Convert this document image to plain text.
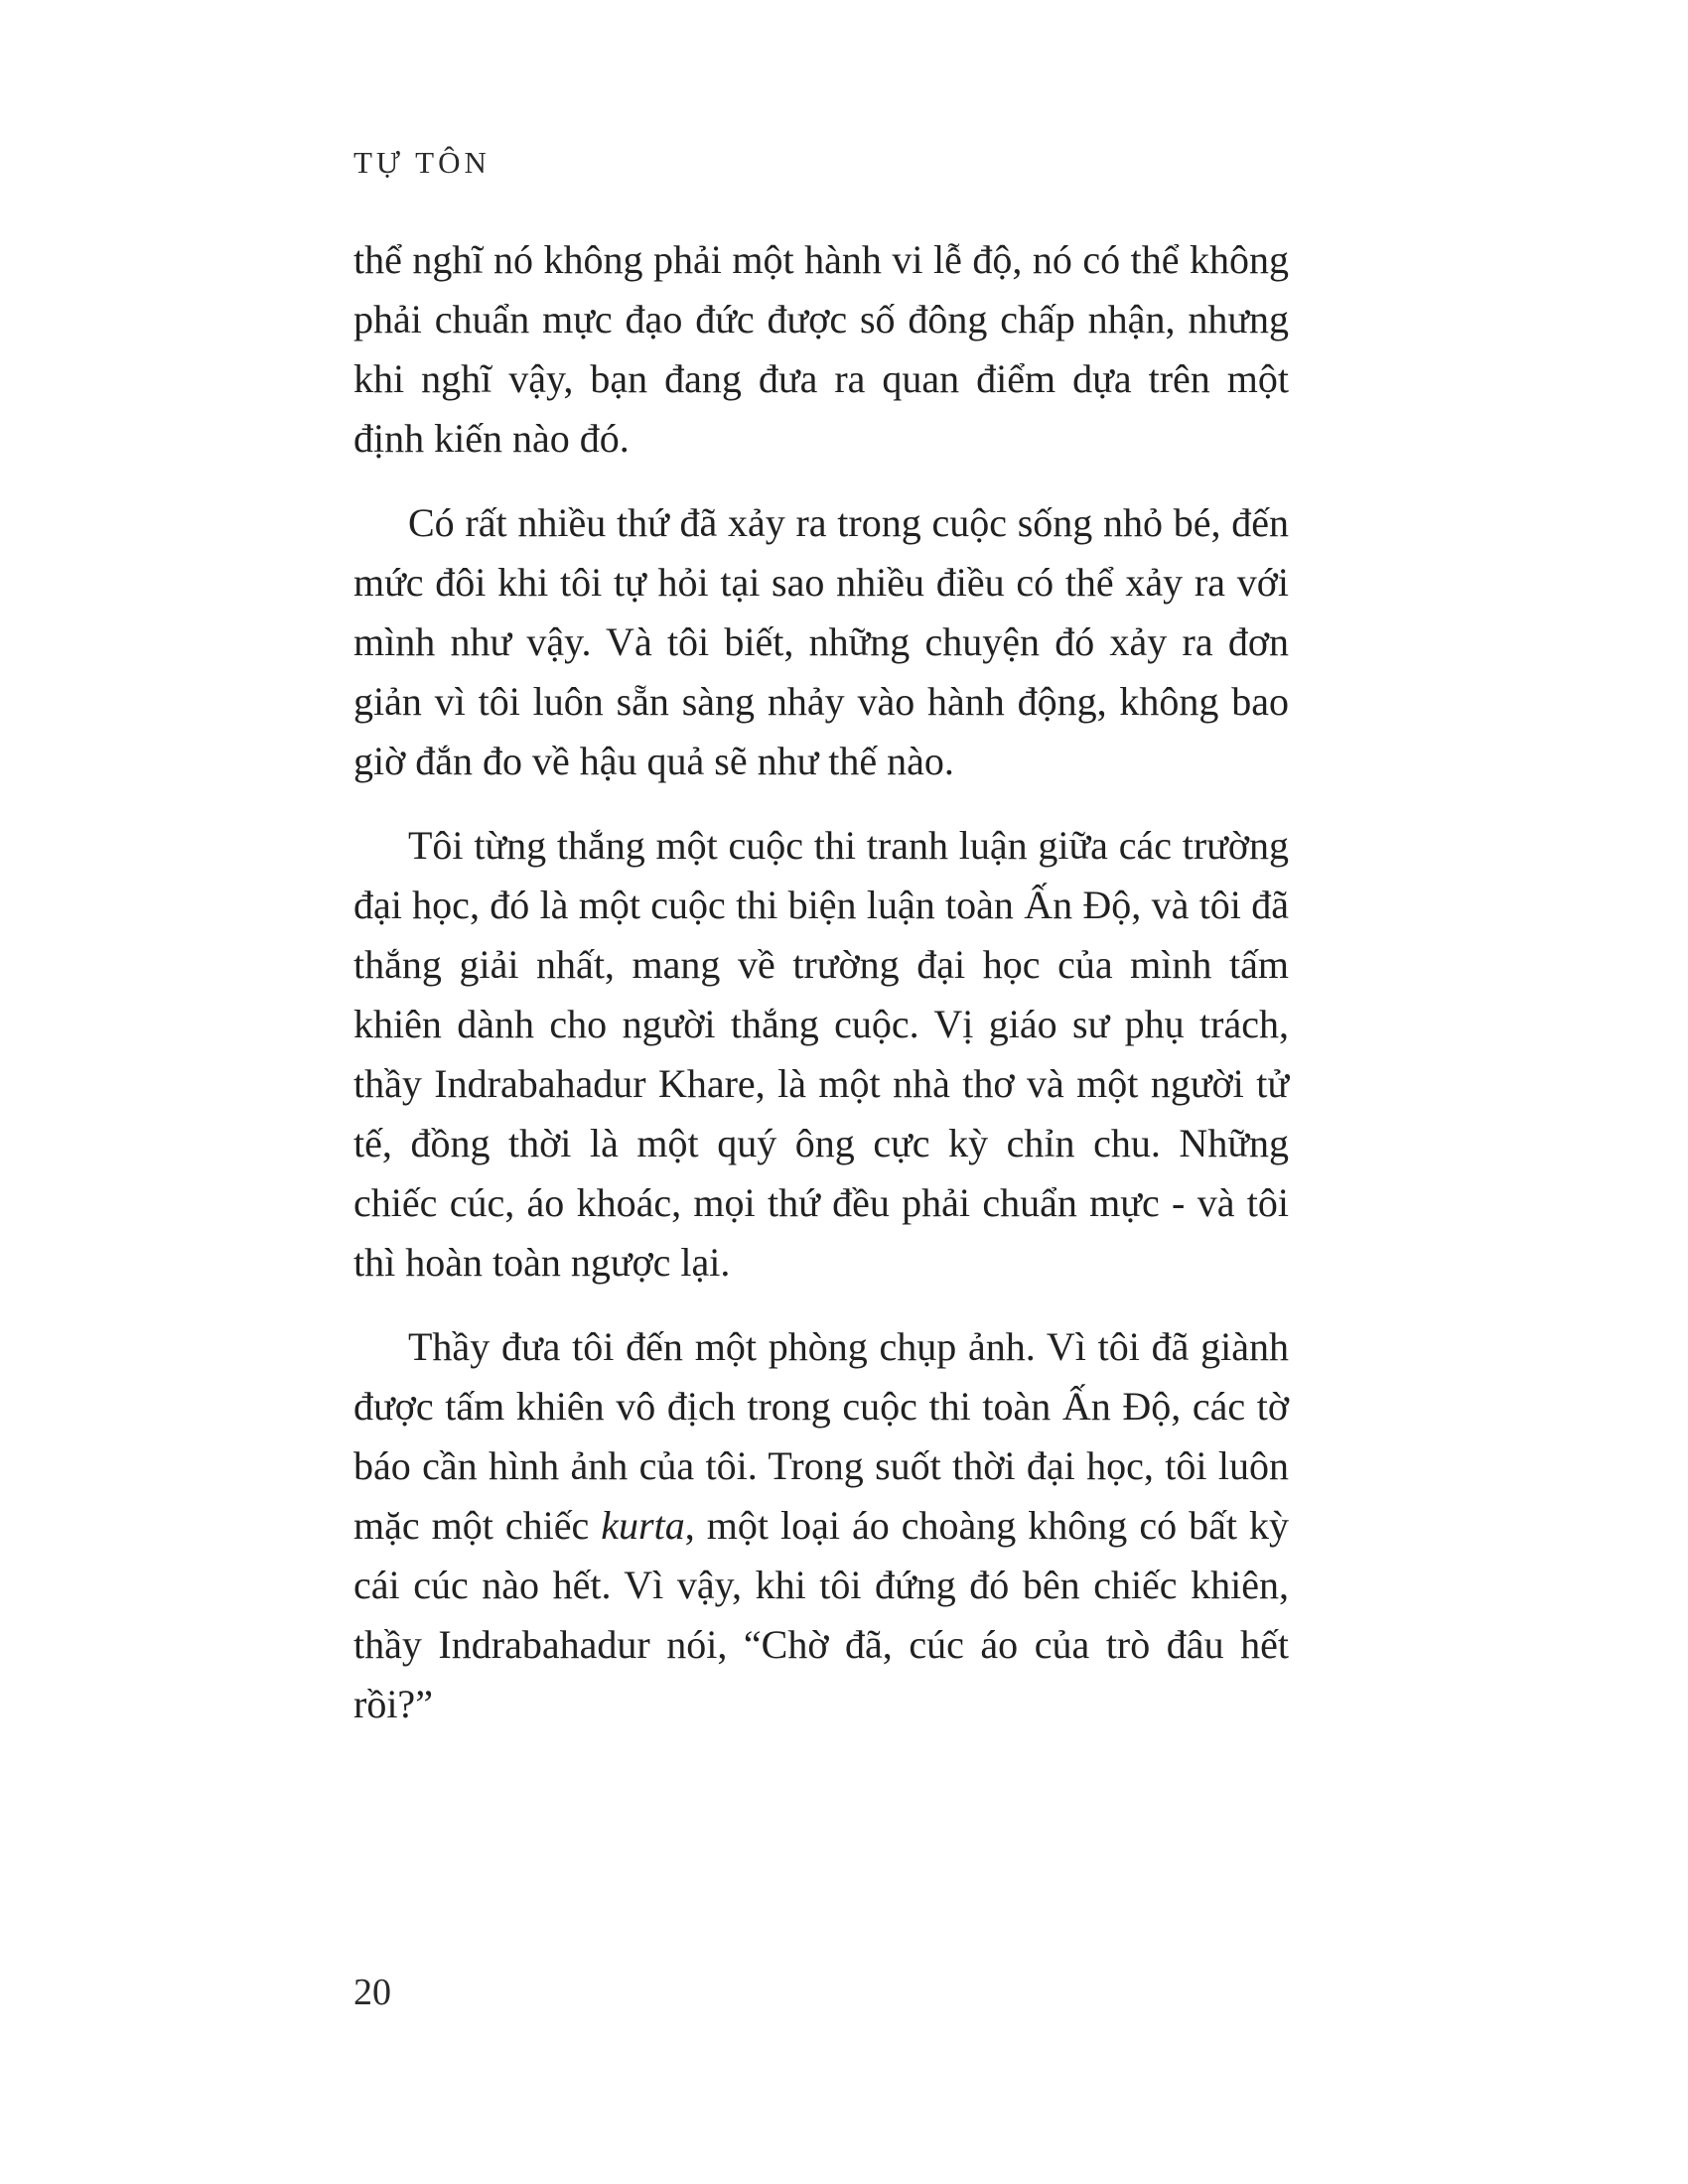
TỰ TÔN

thể nghĩ nó không phải một hành vi lễ độ, nó có thể không phải chuẩn mực đạo đức được số đông chấp nhận, nhưng khi nghĩ vậy, bạn đang đưa ra quan điểm dựa trên một định kiến nào đó.

Có rất nhiều thứ đã xảy ra trong cuộc sống nhỏ bé, đến mức đôi khi tôi tự hỏi tại sao nhiều điều có thể xảy ra với mình như vậy. Và tôi biết, những chuyện đó xảy ra đơn giản vì tôi luôn sẵn sàng nhảy vào hành động, không bao giờ đắn đo về hậu quả sẽ như thế nào.

Tôi từng thắng một cuộc thi tranh luận giữa các trường đại học, đó là một cuộc thi biện luận toàn Ấn Độ, và tôi đã thắng giải nhất, mang về trường đại học của mình tấm khiên dành cho người thắng cuộc. Vị giáo sư phụ trách, thầy Indrabahadur Khare, là một nhà thơ và một người tử tế, đồng thời là một quý ông cực kỳ chỉn chu. Những chiếc cúc, áo khoác, mọi thứ đều phải chuẩn mực - và tôi thì hoàn toàn ngược lại.

Thầy đưa tôi đến một phòng chụp ảnh. Vì tôi đã giành được tấm khiên vô địch trong cuộc thi toàn Ấn Độ, các tờ báo cần hình ảnh của tôi. Trong suốt thời đại học, tôi luôn mặc một chiếc kurta, một loại áo choàng không có bất kỳ cái cúc nào hết. Vì vậy, khi tôi đứng đó bên chiếc khiên, thầy Indrabahadur nói, “Chờ đã, cúc áo của trò đâu hết rồi?”

20
